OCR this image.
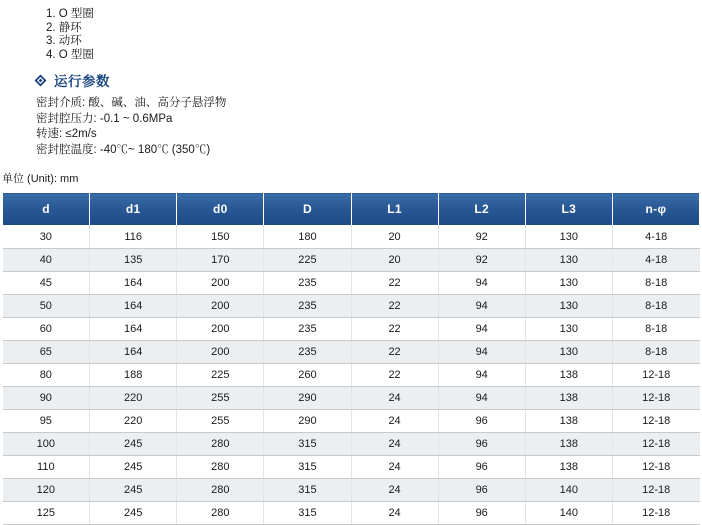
1. O 型圈
2. 静环
3. 动环
4. O 型圈
运行参数
密封介质: 酸、碱、油、高分子悬浮物
密封腔压力: -0.1 ~ 0.6MPa
转速: ≤2m/s
密封腔温度: -40℃~ 180℃ (350℃)
单位 (Unit): mm
d	d1	d0	D	L1	L2	L3	n-φ
30	116	150	180	20	92	130	4-18
40	135	170	225	20	92	130	4-18
45	164	200	235	22	94	130	8-18
50	164	200	235	22	94	130	8-18
60	164	200	235	22	94	130	8-18
65	164	200	235	22	94	130	8-18
80	188	225	260	22	94	138	12-18
90	220	255	290	24	94	138	12-18
95	220	255	290	24	96	138	12-18
100	245	280	315	24	96	138	12-18
110	245	280	315	24	96	138	12-18
120	245	280	315	24	96	140	12-18
125	245	280	315	24	96	140	12-18
